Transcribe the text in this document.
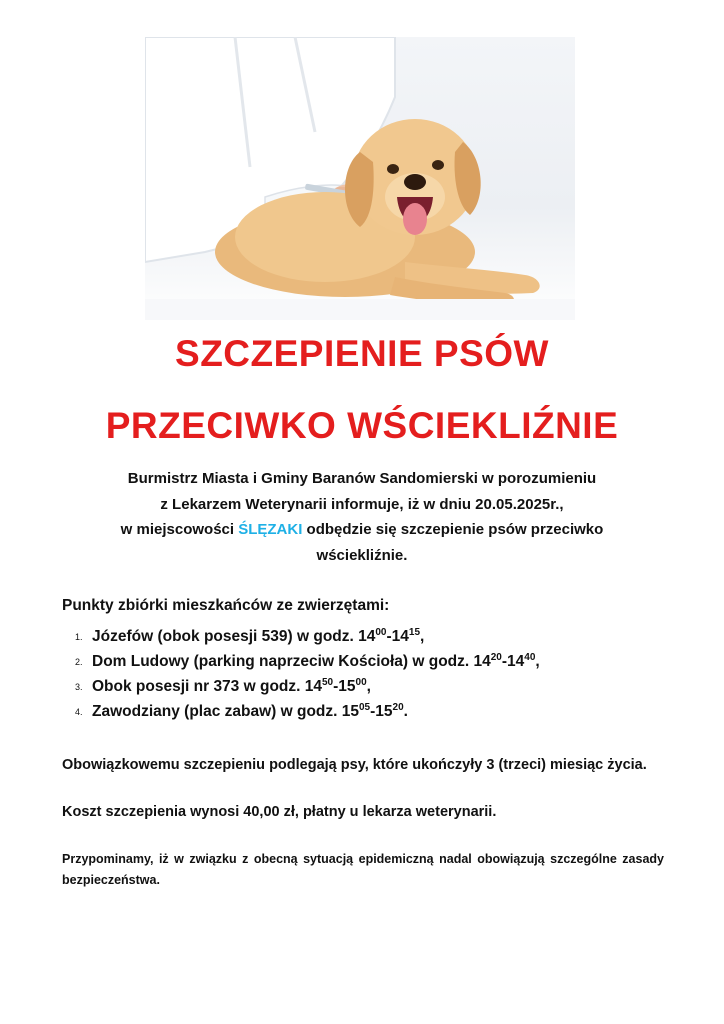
SZCZEPIENIE PSÓW
PRZECIWKO WŚCIEKLIŹNIE
Burmistrz Miasta i Gminy Baranów Sandomierski w porozumieniu
z Lekarzem Weterynarii informuje, iż w dniu 20.05.2025r.,
w miejscowości ŚLĘZAKI odbędzie się szczepienie psów przeciwko
wściekliźnie.
Punkty zbiórki mieszkańców ze zwierzętami:
1. Józefów (obok posesji 539) w godz. $14^{00}-14^{15}$,
2. Dom Ludowy (parking naprzeciw Kościoła) w godz. $14^{20}-14^{40}$,
3. Obok posesji nr 373 w godz. $14^{50}-15^{00}$,
4. Zawodziany (plac zabaw) w godz. $15^{05}-15^{20}$.

Obowiązkowemu szczepieniu podlegają psy, które ukończyły 3 (trzeci) miesiąc życia.

Koszt szczepienia wynosi 40,00 zł, płatny u lekarza weterynarii.

Przypominamy, iż w związku z obecną sytuacją epidemiczną nadal obowiązują szczególne zasady bezpieczeństwa.
